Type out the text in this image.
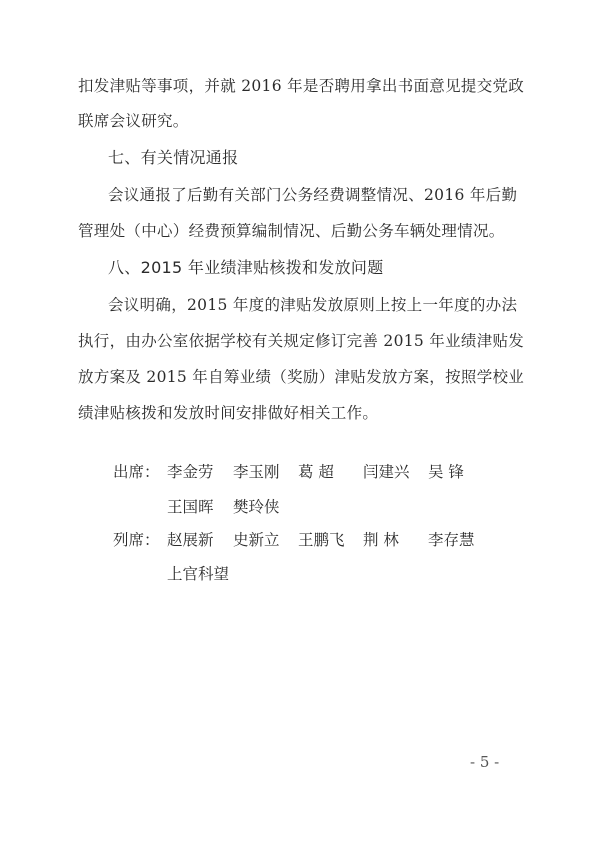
扣发津贴等事项，并就 2016 年是否聘用拿出书面意见提交党政
联席会议研究。
七、有关情况通报
会议通报了后勤有关部门公务经费调整情况、2016 年后勤
管理处（中心）经费预算编制情况、后勤公务车辆处理情况。
八、2015 年业绩津贴核拨和发放问题
会议明确，2015 年度的津贴发放原则上按上一年度的办法
执行，由办公室依据学校有关规定修订完善 2015 年业绩津贴发
放方案及 2015 年自筹业绩（奖励）津贴发放方案，按照学校业
绩津贴核拨和发放时间安排做好相关工作。
出席： 李金劳 李玉刚 葛 超 闫建兴 吴 锋
王国晖 樊玲侠
列席： 赵展新 史新立 王鹏飞 荆 林 李存慧
上官科望
- 5 -
